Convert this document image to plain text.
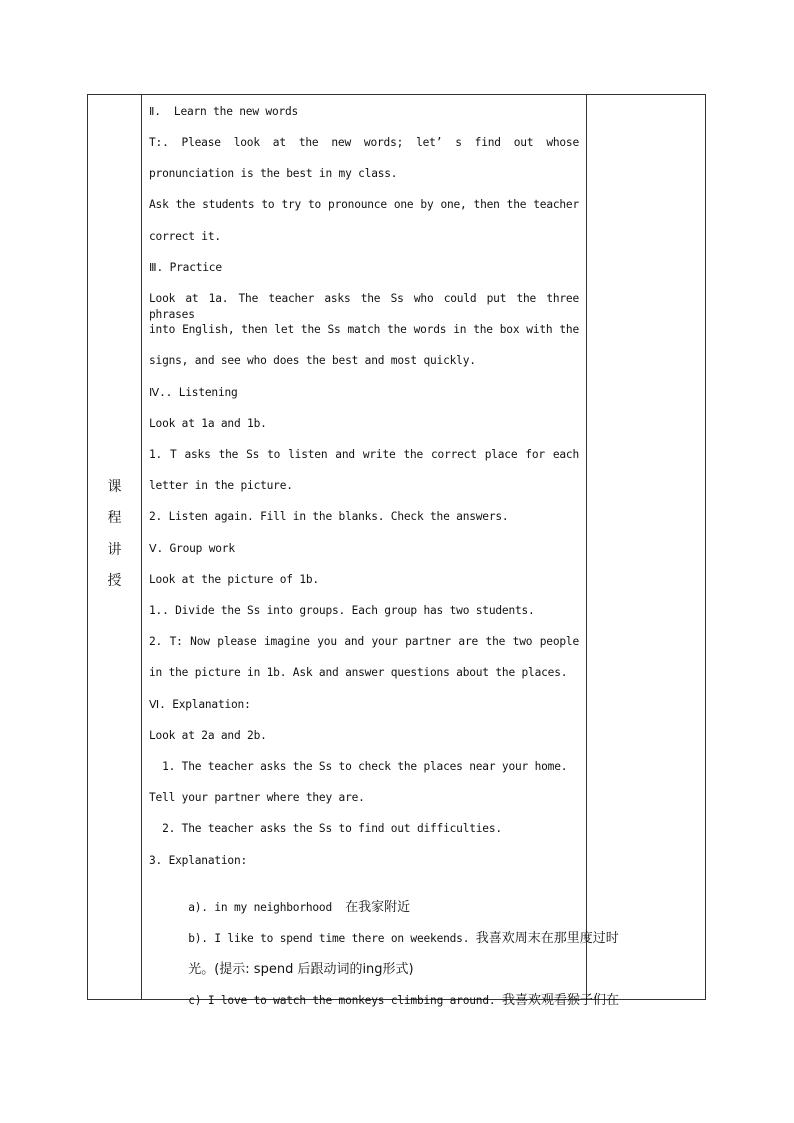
课
程
讲
授
Ⅱ.  Learn the new words
T:. Please look at the new words; let’ s find out whose
pronunciation is the best in my class.
Ask the students to try to pronounce one by one, then the teacher
correct it.
Ⅲ. Practice
Look at 1a. The teacher asks the Ss who could put the three phrases
into English, then let the Ss match the words in the box with the
signs, and see who does the best and most quickly.
Ⅳ.. Listening
Look at 1a and 1b.
1. T asks the Ss to listen and write the correct place for each
letter in the picture.
2. Listen again. Fill in the blanks. Check the answers.
Ⅴ. Group work
Look at the picture of 1b.
1.. Divide the Ss into groups. Each group has two students.
2. T: Now please imagine you and your partner are the two people
in the picture in 1b. Ask and answer questions about the places.
Ⅵ. Explanation:
Look at 2a and 2b.
1. The teacher asks the Ss to check the places near your home.
Tell your partner where they are.
2. The teacher asks the Ss to find out difficulties.
3. Explanation:

a). in my neighborhood 在我家附近

b). I like to spend time there on weekends. 我喜欢周末在那里度过时

光。(提示: spend 后跟动词的ing形式)

c) I love to watch the monkeys climbing around. 我喜欢观看猴子们在
